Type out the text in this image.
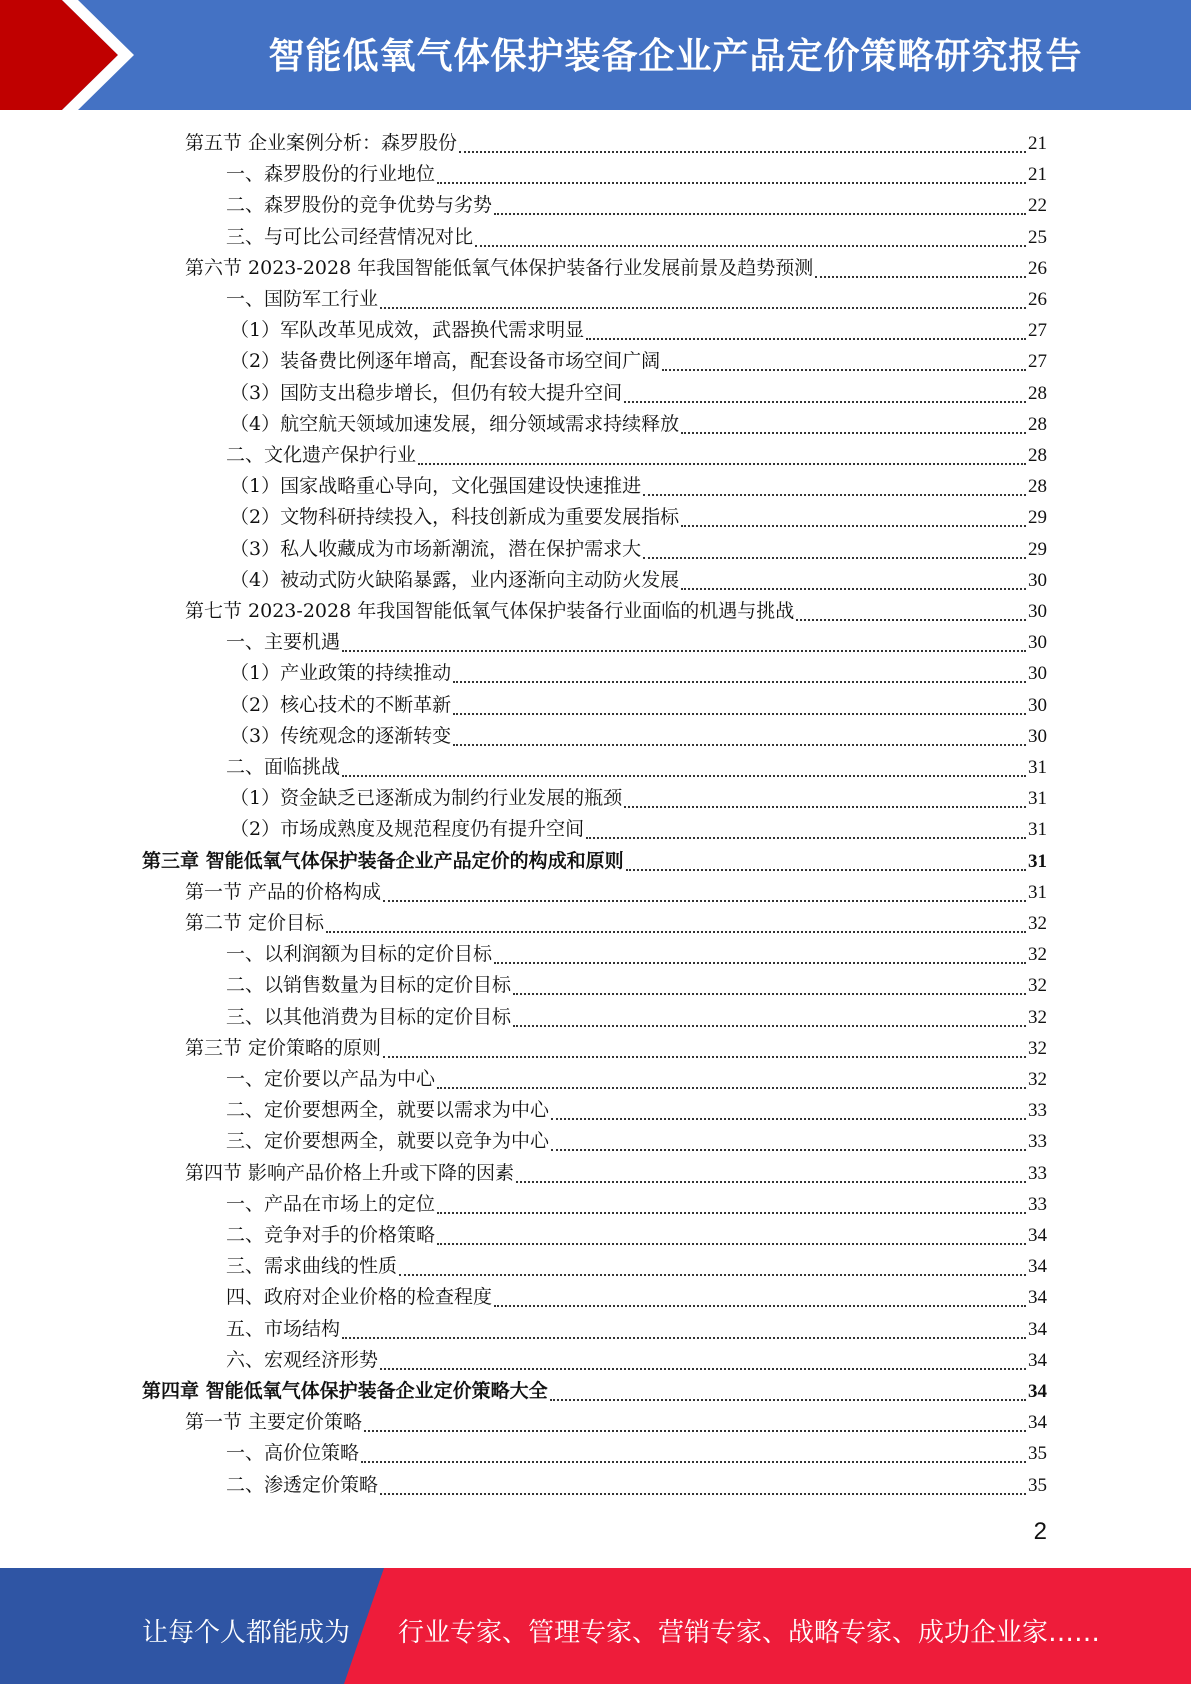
智能低氧气体保护装备企业产品定价策略研究报告
第五节 企业案例分析：森罗股份	21
一、森罗股份的行业地位	21
二、森罗股份的竞争优势与劣势	22
三、与可比公司经营情况对比	25
第六节 2023-2028 年我国智能低氧气体保护装备行业发展前景及趋势预测	26
一、国防军工行业	26
（1）军队改革见成效，武器换代需求明显	27
（2）装备费比例逐年增高，配套设备市场空间广阔	27
（3）国防支出稳步增长，但仍有较大提升空间	28
（4）航空航天领域加速发展，细分领域需求持续释放	28
二、文化遗产保护行业	28
（1）国家战略重心导向，文化强国建设快速推进	28
（2）文物科研持续投入，科技创新成为重要发展指标	29
（3）私人收藏成为市场新潮流，潜在保护需求大	29
（4）被动式防火缺陷暴露，业内逐渐向主动防火发展	30
第七节 2023-2028 年我国智能低氧气体保护装备行业面临的机遇与挑战	30
一、主要机遇	30
（1）产业政策的持续推动	30
（2）核心技术的不断革新	30
（3）传统观念的逐渐转变	30
二、面临挑战	31
（1）资金缺乏已逐渐成为制约行业发展的瓶颈	31
（2）市场成熟度及规范程度仍有提升空间	31
第三章 智能低氧气体保护装备企业产品定价的构成和原则	31
第一节 产品的价格构成	31
第二节 定价目标	32
一、以利润额为目标的定价目标	32
二、以销售数量为目标的定价目标	32
三、以其他消费为目标的定价目标	32
第三节 定价策略的原则	32
一、定价要以产品为中心	32
二、定价要想两全，就要以需求为中心	33
三、定价要想两全，就要以竞争为中心	33
第四节 影响产品价格上升或下降的因素	33
一、产品在市场上的定位	33
二、竞争对手的价格策略	34
三、需求曲线的性质	34
四、政府对企业价格的检查程度	34
五、市场结构	34
六、宏观经济形势	34
第四章 智能低氧气体保护装备企业定价策略大全	34
第一节 主要定价策略	34
一、高价位策略	35
二、渗透定价策略	35
2
让每个人都能成为 行业专家、管理专家、营销专家、战略专家、成功企业家……
